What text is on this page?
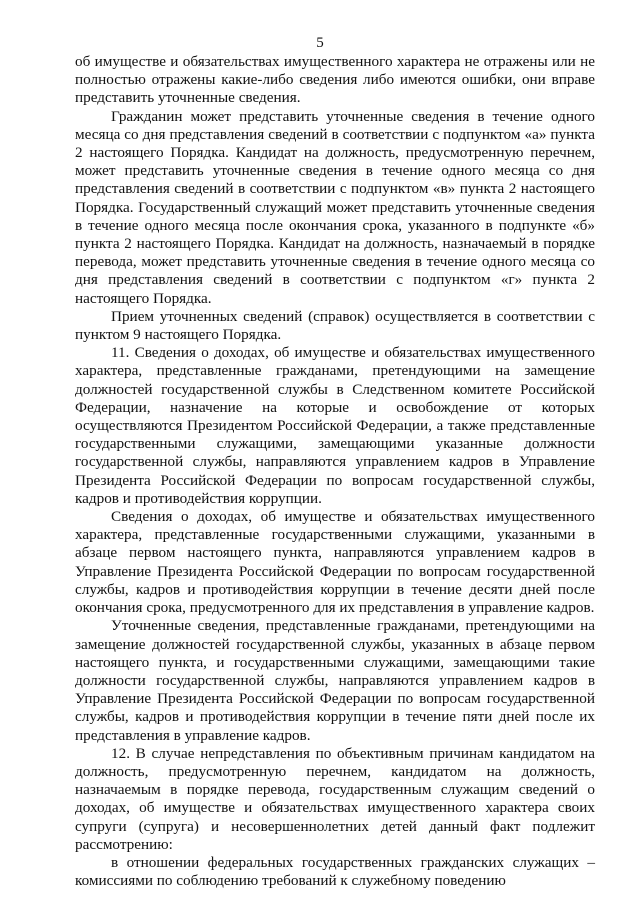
5

об имуществе и обязательствах имущественного характера не отражены или не полностью отражены какие-либо сведения либо имеются ошибки, они вправе представить уточненные сведения.

Гражданин может представить уточненные сведения в течение одного месяца со дня представления сведений в соответствии с подпунктом «а» пункта 2 настоящего Порядка. Кандидат на должность, предусмотренную перечнем, может представить уточненные сведения в течение одного месяца со дня представления сведений в соответствии с подпунктом «в» пункта 2 настоящего Порядка. Государственный служащий может представить уточненные сведения в течение одного месяца после окончания срока, указанного в подпункте «б» пункта 2 настоящего Порядка. Кандидат на должность, назначаемый в порядке перевода, может представить уточненные сведения в течение одного месяца со дня представления сведений в соответствии с подпунктом «г» пункта 2 настоящего Порядка.

Прием уточненных сведений (справок) осуществляется в соответствии с пунктом 9 настоящего Порядка.

11. Сведения о доходах, об имуществе и обязательствах имущественного характера, представленные гражданами, претендующими на замещение должностей государственной службы в Следственном комитете Российской Федерации, назначение на которые и освобождение от которых осуществляются Президентом Российской Федерации, а также представленные государственными служащими, замещающими указанные должности государственной службы, направляются управлением кадров в Управление Президента Российской Федерации по вопросам государственной службы, кадров и противодействия коррупции.

Сведения о доходах, об имуществе и обязательствах имущественного характера, представленные государственными служащими, указанными в абзаце первом настоящего пункта, направляются управлением кадров в Управление Президента Российской Федерации по вопросам государственной службы, кадров и противодействия коррупции в течение десяти дней после окончания срока, предусмотренного для их представления в управление кадров.

Уточненные сведения, представленные гражданами, претендующими на замещение должностей государственной службы, указанных в абзаце первом настоящего пункта, и государственными служащими, замещающими такие должности государственной службы, направляются управлением кадров в Управление Президента Российской Федерации по вопросам государственной службы, кадров и противодействия коррупции в течение пяти дней после их представления в управление кадров.

12. В случае непредставления по объективным причинам кандидатом на должность, предусмотренную перечнем, кандидатом на должность, назначаемым в порядке перевода, государственным служащим сведений о доходах, об имуществе и обязательствах имущественного характера своих супруги (супруга) и несовершеннолетних детей данный факт подлежит рассмотрению:

в отношении федеральных государственных гражданских служащих – комиссиями по соблюдению требований к служебному поведению
